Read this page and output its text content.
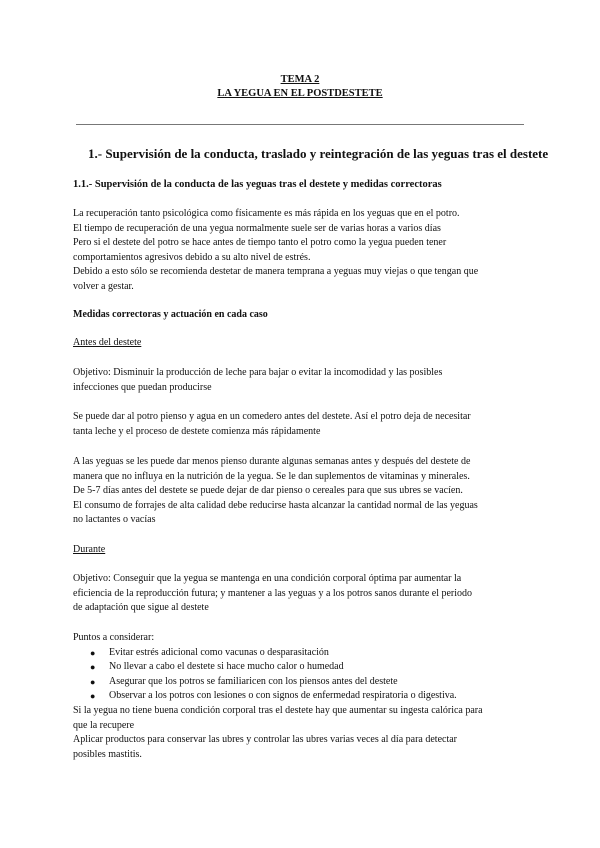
TEMA 2
LA YEGUA EN EL POSTDESTETE
1.- Supervisión de la conducta, traslado y reintegración de las yeguas tras el destete
1.1.- Supervisión de la conducta de las yeguas tras el destete y medidas correctoras

La recuperación tanto psicológica como físicamente es más rápida en los yeguas que en el potro.

El tiempo de recuperación de una yegua normalmente suele ser de varias horas a varios días

Pero si el destete del potro se hace antes de tiempo tanto el potro como la yegua pueden tener

comportamientos agresivos debido a su alto nivel de estrés.

Debido a esto sólo se recomienda destetar de manera temprana a yeguas muy viejas o que tengan que

volver a gestar.

Medidas correctoras y actuación en cada caso
Antes del destete

Objetivo: Disminuir la producción de leche para bajar o evitar la incomodidad y las posibles

infecciones que puedan producirse

Se puede dar al potro pienso y agua en un comedero antes del destete. Así el potro deja de necesitar

tanta leche y el proceso de destete comienza más rápidamente

A las yeguas se les puede dar menos pienso durante algunas semanas antes y después del destete de

manera que no influya en la nutrición de la yegua. Se le dan suplementos de vitaminas y minerales.

De 5-7 días antes del destete se puede dejar de dar pienso o cereales para que sus ubres se vacíen.

El consumo de forrajes de alta calidad debe reducirse hasta alcanzar la cantidad normal de las yeguas

no lactantes o vacías

Durante

Objetivo: Conseguir que la yegua se mantenga en una condición corporal óptima par aumentar la

eficiencia de la reproducción futura; y mantener a las yeguas y a los potros sanos durante el periodo

de adaptación que sigue al destete

Puntos a considerar:

● Evitar estrés adicional como vacunas o desparasitación
● No llevar a cabo el destete si hace mucho calor o humedad
● Asegurar que los potros se familiaricen con los piensos antes del destete
● Observar a los potros con lesiones o con signos de enfermedad respiratoria o digestiva.

Si la yegua no tiene buena condición corporal tras el destete hay que aumentar su ingesta calórica para

que la recupere

Aplicar productos para conservar las ubres y controlar las ubres varias veces al día para detectar

posibles mastitis.
